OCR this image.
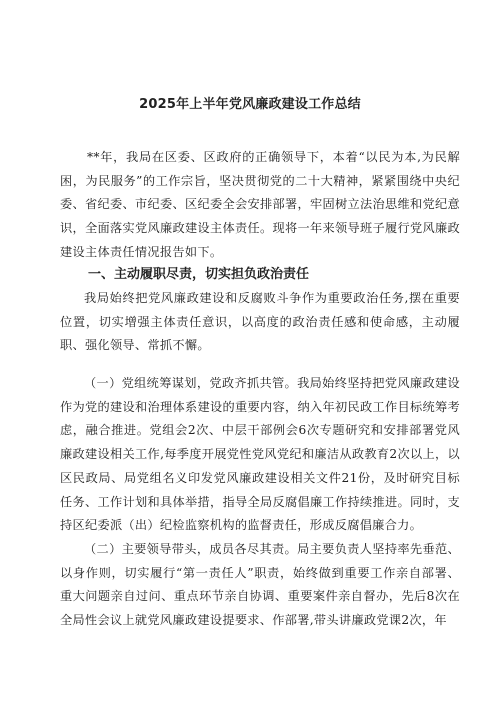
2025年上半年党风廉政建设工作总结
**年，我局在区委、区政府的正确领导下，本着“以民为本,为民解困，为民服务”的工作宗旨，坚决贯彻党的二十大精神，紧紧围绕中央纪委、省纪委、市纪委、区纪委全会安排部署，牢固树立法治思维和党纪意识，全面落实党风廉政建设主体责任。现将一年来领导班子履行党风廉政建设主体责任情况报告如下。
一、主动履职尽责，切实担负政治责任
我局始终把党风廉政建设和反腐败斗争作为重要政治任务,摆在重要位置，切实增强主体责任意识，以高度的政治责任感和使命感，主动履职、强化领导、常抓不懈。
（一）党组统筹谋划，党政齐抓共管。我局始终坚持把党风廉政建设作为党的建设和治理体系建设的重要内容，纳入年初民政工作目标统筹考虑，融合推进。党组会2次、中层干部例会6次专题研究和安排部署党风廉政建设相关工作,每季度开展党性党风党纪和廉洁从政教育2次以上，以区民政局、局党组名义印发党风廉政建设相关文件21份，及时研究目标任务、工作计划和具体举措，指导全局反腐倡廉工作持续推进。同时，支持区纪委派（出）纪检监察机构的监督责任，形成反腐倡廉合力。
（二）主要领导带头，成员各尽其责。局主要负责人坚持率先垂范、以身作则，切实履行“第一责任人”职责，始终做到重要工作亲自部署、重大问题亲自过问、重点环节亲自协调、重要案件亲自督办，先后8次在全局性会议上就党风廉政建设提要求、作部署,带头讲廉政党课2次，年
